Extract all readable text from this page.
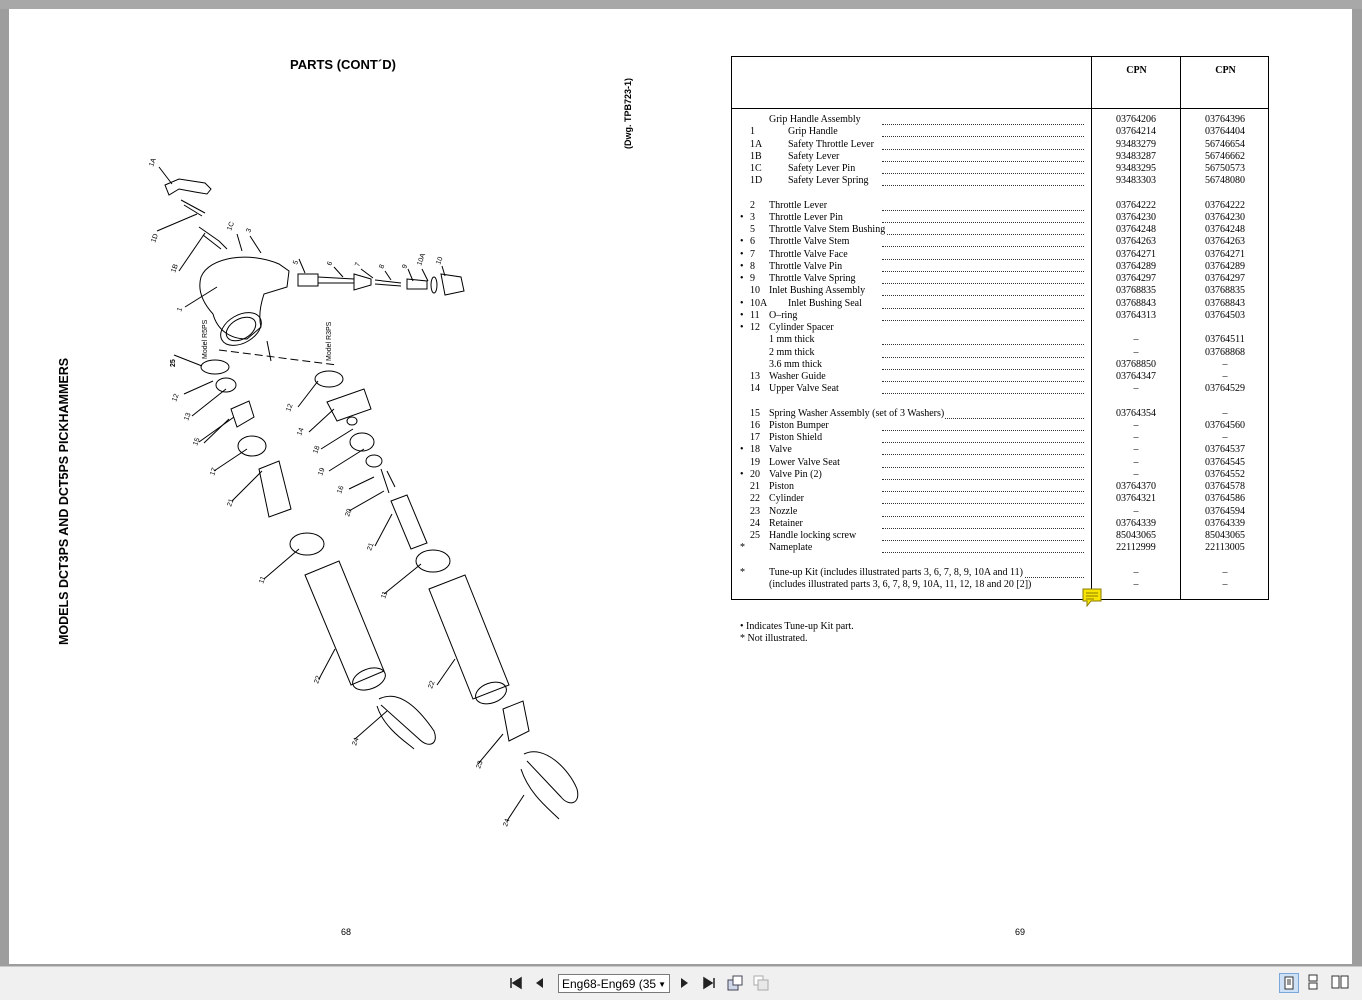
PARTS (CONT´D)
MODELS DCT3PS AND DCT5PS PICKHAMMERS
(Dwg. TPB723-1)
1A
1D
1C 3
1B
1
5	6	7 8 9 10A 10
Model R5PS	Model R3PS
25
12
13
15
17
21
11
22
24
12
14
18
19
16
20
21
11
22
23
24
CPN	CPN
Grip Handle Assembly	03764206	03764396
1	Grip Handle	03764214	03764404
1A	Safety Throttle Lever	93483279	56746654
1B	Safety Lever	93483287	56746662
1C	Safety Lever Pin	93483295	56750573
1D	Safety Lever Spring	93483303	56748080
2 Throttle Lever	03764222	03764222
• 3 Throttle Lever Pin	03764230	03764230
5 Throttle Valve Stem Bushing	03764248	03764248
• 6 Throttle Valve Stem	03764263	03764263
• 7 Throttle Valve Face	03764271	03764271
• 8 Throttle Valve Pin	03764289	03764289
• 9 Throttle Valve Spring	03764297	03764297
10 Inlet Bushing Assembly	03768835	03768835
• 10A Inlet Bushing Seal	03768843	03768843
• 11 O–ring	03764313	03764503
• 12 Cylinder Spacer
1 mm thick	–	03764511
2 mm thick	–	03768868
3.6 mm thick	03768850	–
13 Washer Guide	03764347	–
14 Upper Valve Seat	–	03764529
15 Spring Washer Assembly (set of 3 Washers)	03764354	–
16 Piston Bumper	–	03764560
17 Piston Shield	–	–
• 18 Valve	–	03764537
19 Lower Valve Seat	–	03764545
• 20 Valve Pin (2)	–	03764552
21 Piston	03764370	03764578
22 Cylinder	03764321	03764586
23 Nozzle	–	03764594
24 Retainer	03764339	03764339
25 Handle locking screw	85043065	85043065
* Nameplate	22112999	22113005
* Tune-up Kit (includes illustrated parts 3, 6, 7, 8, 9, 10A and 11)	–	–
(includes illustrated parts 3, 6, 7, 8, 9, 10A, 11, 12, 18 and 20 [2])	–	–
• Indicates Tune-up Kit part.
* Not illustrated.
68	69
Eng68-Eng69 (35 ▼
